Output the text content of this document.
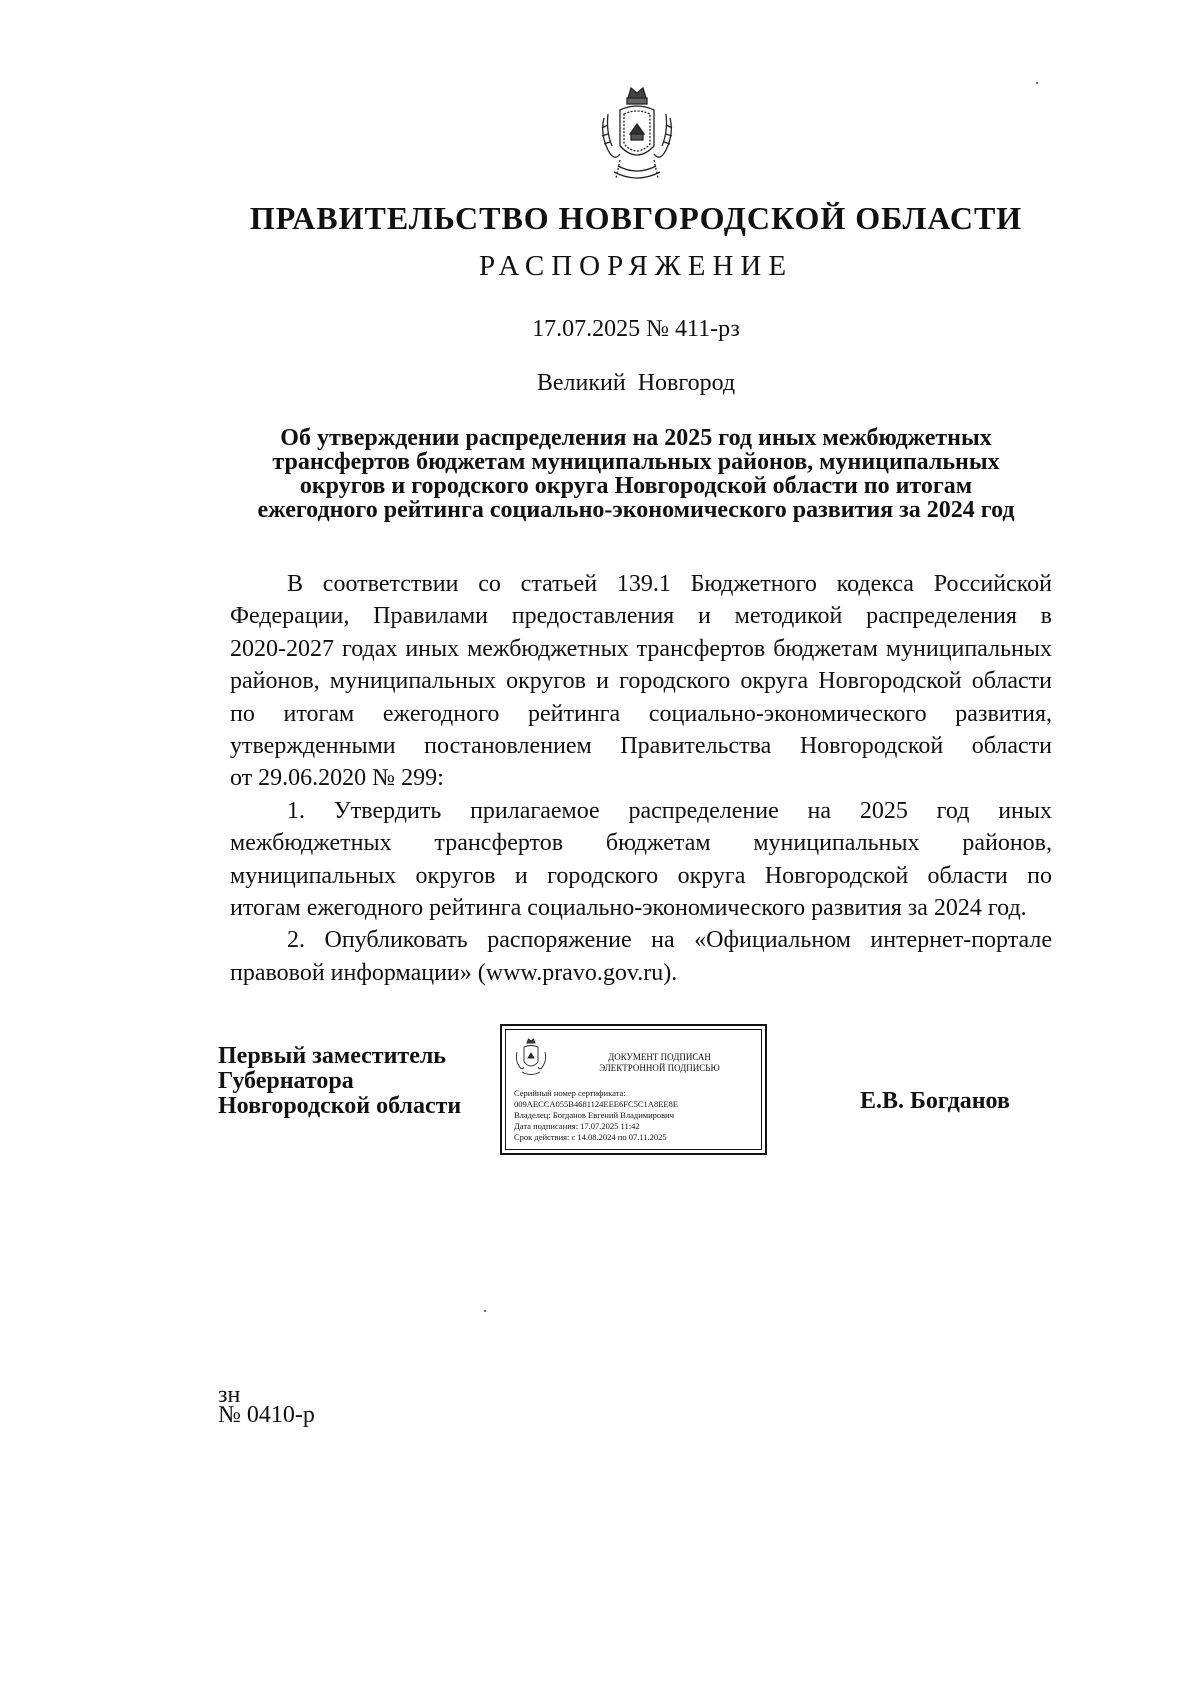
ПРАВИТЕЛЬСТВО НОВГОРОДСКОЙ ОБЛАСТИ
РАСПОРЯЖЕНИЕ
17.07.2025 № 411-рз
Великий Новгород
Об утверждении распределения на 2025 год иных межбюджетных
трансфертов бюджетам муниципальных районов, муниципальных
округов и городского округа Новгородской области по итогам
ежегодного рейтинга социально-экономического развития за 2024 год
В соответствии со статьей 139.1 Бюджетного кодекса Российской
Федерации, Правилами предоставления и методикой распределения в
2020-2027 годах иных межбюджетных трансфертов бюджетам муниципальных
районов, муниципальных округов и городского округа Новгородской области
по итогам ежегодного рейтинга социально-экономического развития,
утвержденными постановлением Правительства Новгородской области
от 29.06.2020 № 299:
1. Утвердить прилагаемое распределение на 2025 год иных
межбюджетных трансфертов бюджетам муниципальных районов,
муниципальных округов и городского округа Новгородской области по
итогам ежегодного рейтинга социально-экономического развития за 2024 год.
2. Опубликовать распоряжение на «Официальном интернет-портале
правовой информации» (www.pravo.gov.ru).
Первый заместитель
Губернатора
Новгородской области
ДОКУМЕНТ ПОДПИСАН
ЭЛЕКТРОННОЙ ПОДПИСЬЮ
Серийный номер сертификата:
009AECCA055B4681124EEE6FC5C1A8EE8E
Владелец: Богданов Евгений Владимирович
Дата подписания: 17.07.2025 11:42
Срок действия: с 14.08.2024 по 07.11.2025
Е.В. Богданов
зн
№ 0410-р
